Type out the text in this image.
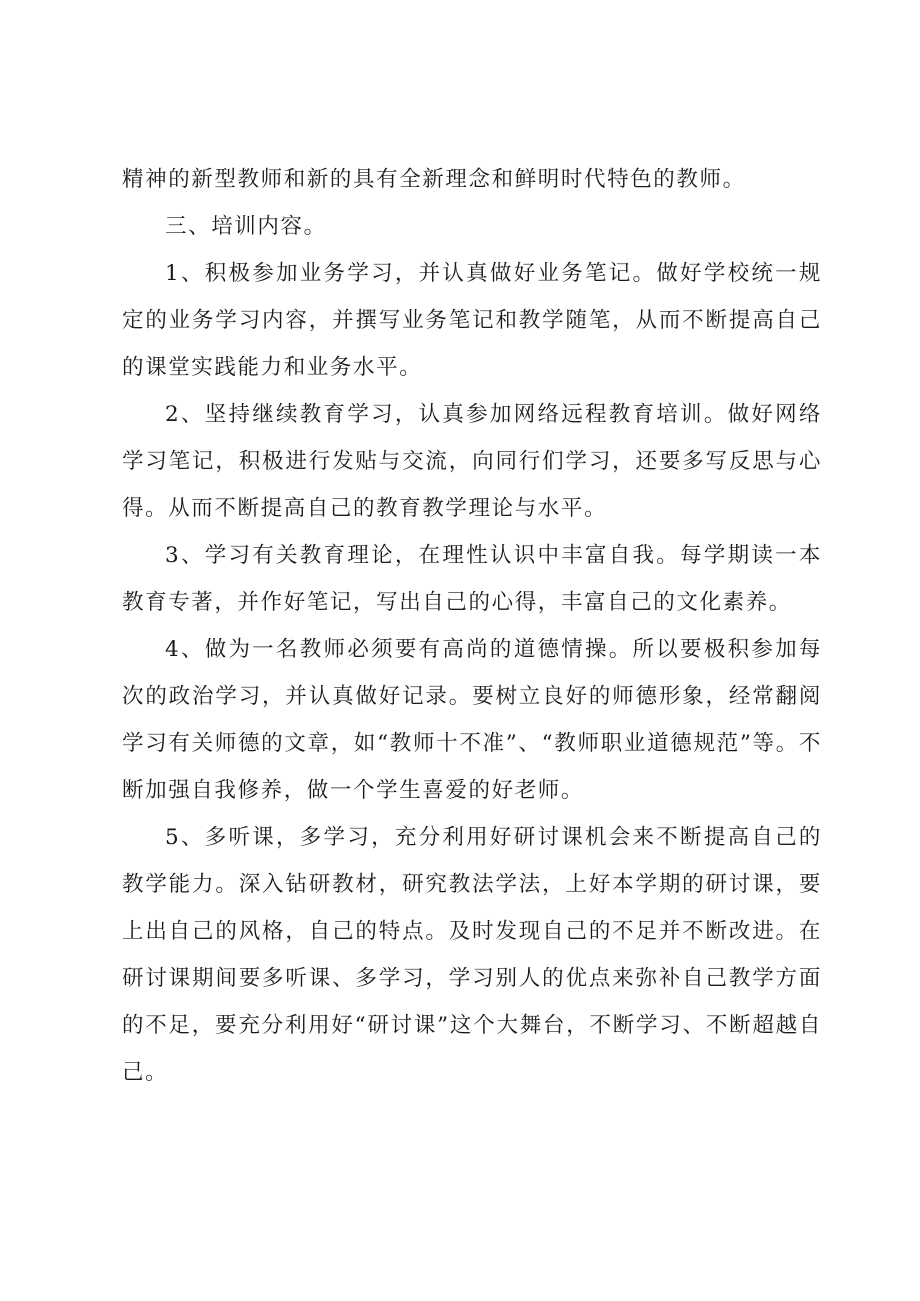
精神的新型教师和新的具有全新理念和鲜明时代特色的教师。

三、培训内容。

1、积极参加业务学习，并认真做好业务笔记。做好学校统一规定的业务学习内容，并撰写业务笔记和教学随笔，从而不断提高自己的课堂实践能力和业务水平。

2、坚持继续教育学习，认真参加网络远程教育培训。做好网络学习笔记，积极进行发贴与交流，向同行们学习，还要多写反思与心得。从而不断提高自己的教育教学理论与水平。

3、学习有关教育理论，在理性认识中丰富自我。每学期读一本教育专著，并作好笔记，写出自己的心得，丰富自己的文化素养。

4、做为一名教师必须要有高尚的道德情操。所以要极积参加每次的政治学习，并认真做好记录。要树立良好的师德形象，经常翻阅学习有关师德的文章，如“教师十不准”、“教师职业道德规范”等。不断加强自我修养，做一个学生喜爱的好老师。

5、多听课，多学习，充分利用好研讨课机会来不断提高自己的教学能力。深入钻研教材，研究教法学法，上好本学期的研讨课，要上出自己的风格，自己的特点。及时发现自己的不足并不断改进。在研讨课期间要多听课、多学习，学习别人的优点来弥补自己教学方面的不足，要充分利用好“研讨课”这个大舞台，不断学习、不断超越自己。
